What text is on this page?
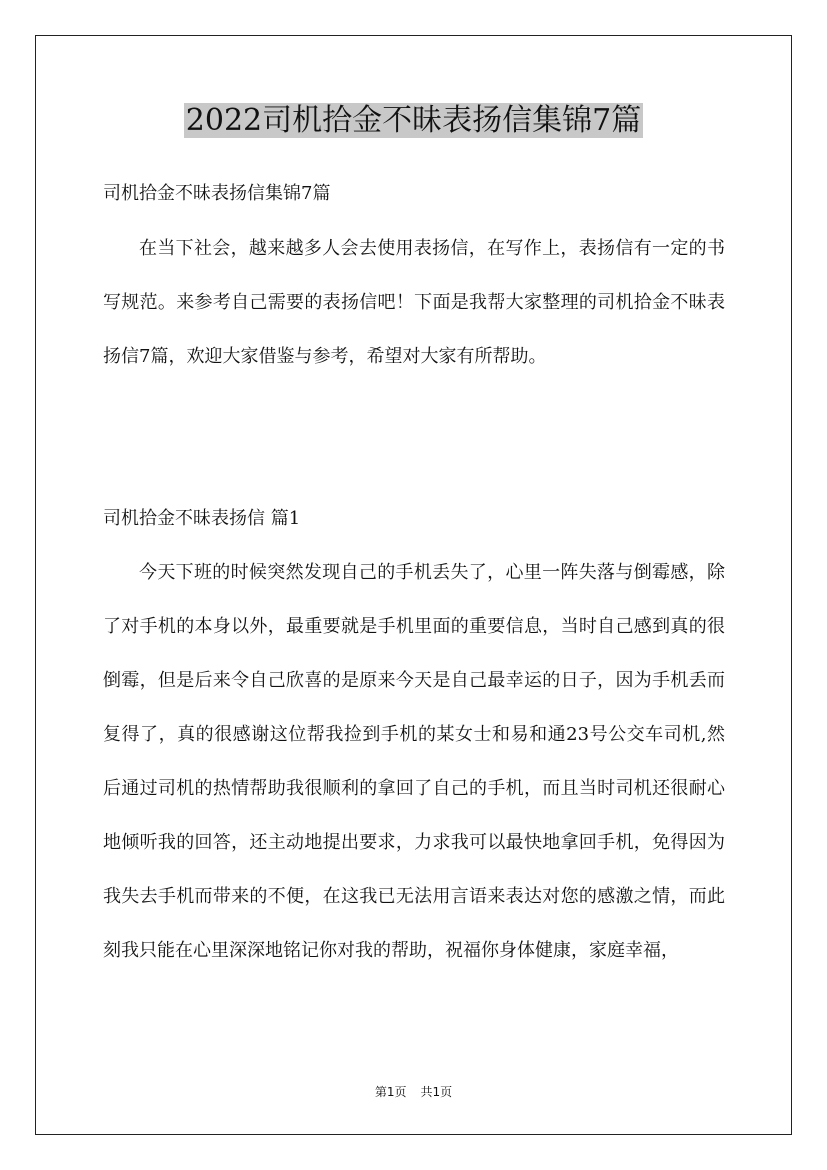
2022司机拾金不昧表扬信集锦7篇

司机拾金不昧表扬信集锦7篇

在当下社会，越来越多人会去使用表扬信，在写作上，表扬信有一定的书写规范。来参考自己需要的表扬信吧！下面是我帮大家整理的司机拾金不昧表扬信7篇，欢迎大家借鉴与参考，希望对大家有所帮助。

司机拾金不昧表扬信 篇1

今天下班的时候突然发现自己的手机丢失了，心里一阵失落与倒霉感，除了对手机的本身以外，最重要就是手机里面的重要信息，当时自己感到真的很倒霉，但是后来令自己欣喜的是原来今天是自己最幸运的日子，因为手机丢而复得了，真的很感谢这位帮我捡到手机的某女士和易和通23号公交车司机,然后通过司机的热情帮助我很顺利的拿回了自己的手机，而且当时司机还很耐心地倾听我的回答，还主动地提出要求，力求我可以最快地拿回手机，免得因为我失去手机而带来的不便，在这我已无法用言语来表达对您的感激之情，而此刻我只能在心里深深地铭记你对我的帮助，祝福你身体健康，家庭幸福，

第1页 共1页
